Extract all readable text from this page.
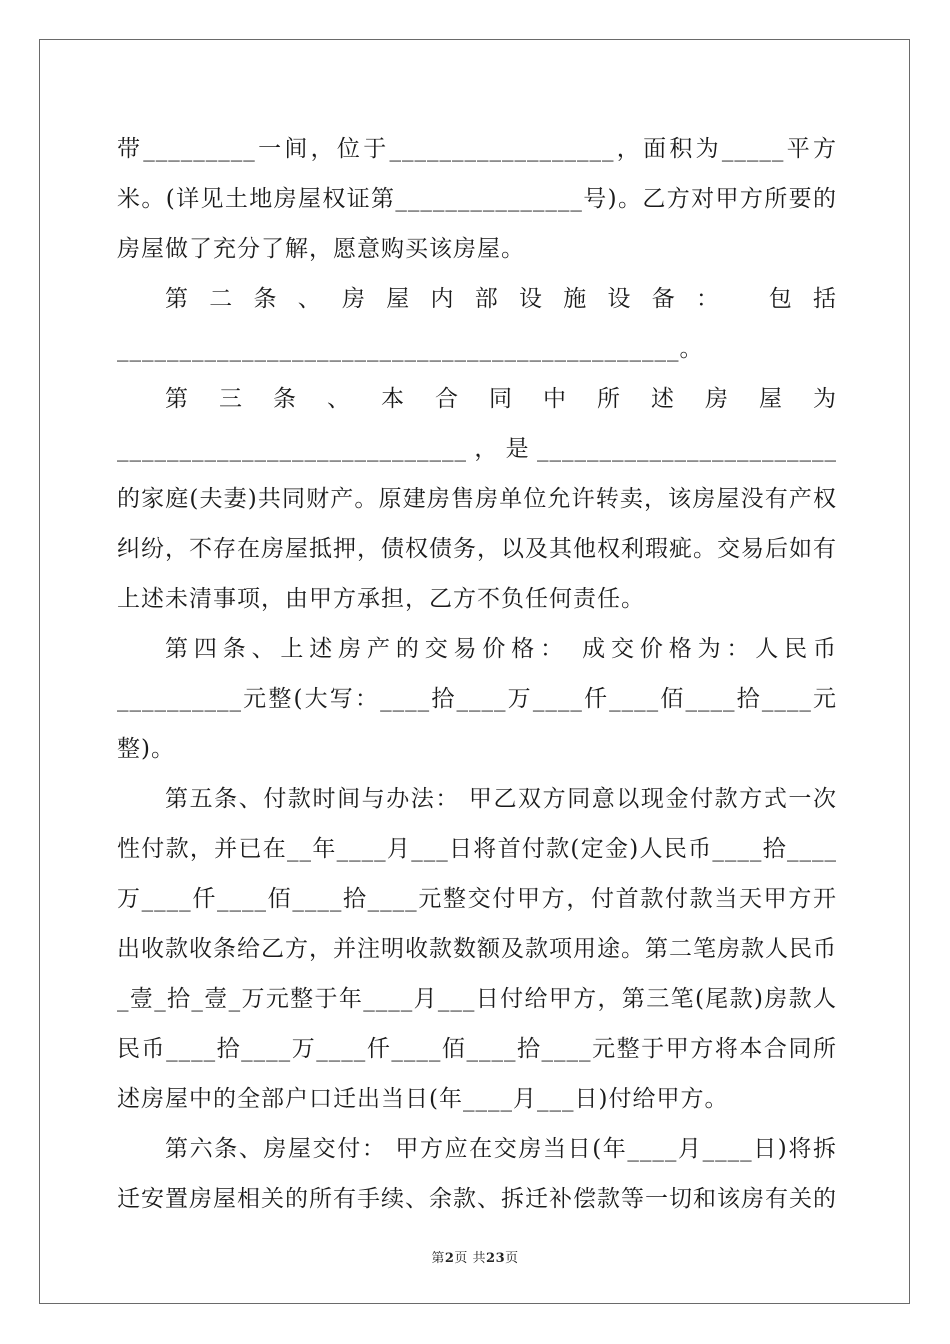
带_________一间，位于__________________，面积为_____平方米。(详见土地房屋权证第_______________号)。乙方对甲方所要的房屋做了充分了解，愿意购买该房屋。

第二条、房屋内部设施设备： 包括_____________________________________________。

第三条、本合同中所述房屋为____________________________，是________________________的家庭(夫妻)共同财产。原建房售房单位允许转卖，该房屋没有产权纠纷，不存在房屋抵押，债权债务，以及其他权利瑕疵。交易后如有上述未清事项，由甲方承担，乙方不负任何责任。

第四条、上述房产的交易价格： 成交价格为：人民币__________元整(大写：____拾____万____仟____佰____拾____元整)。

第五条、付款时间与办法： 甲乙双方同意以现金付款方式一次性付款，并已在__年____月___日将首付款(定金)人民币____拾____万____仟____佰____拾____元整交付甲方，付首款付款当天甲方开出收款收条给乙方，并注明收款数额及款项用途。第二笔房款人民币_壹_拾_壹_万元整于年____月___日付给甲方，第三笔(尾款)房款人民币____拾____万____仟____佰____拾____元整于甲方将本合同所述房屋中的全部户口迁出当日(年____月___日)付给甲方。

第六条、房屋交付： 甲方应在交房当日(年____月____日)将拆迁安置房屋相关的所有手续、余款、拆迁补偿款等一切和该房有关的

第2页 共23页
